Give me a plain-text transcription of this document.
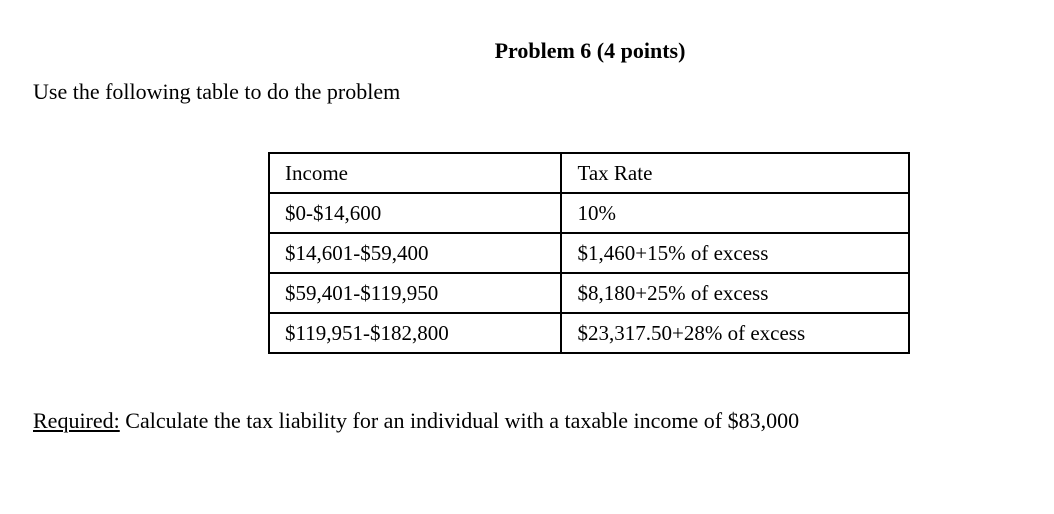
Problem 6 (4 points)
Use the following table to do the problem
Income	Tax Rate
$0-$14,600	10%
$14,601-$59,400	$1,460+15% of excess
$59,401-$119,950	$8,180+25% of excess
$119,951-$182,800	$23,317.50+28% of excess
Required: Calculate the tax liability for an individual with a taxable income of $83,000
